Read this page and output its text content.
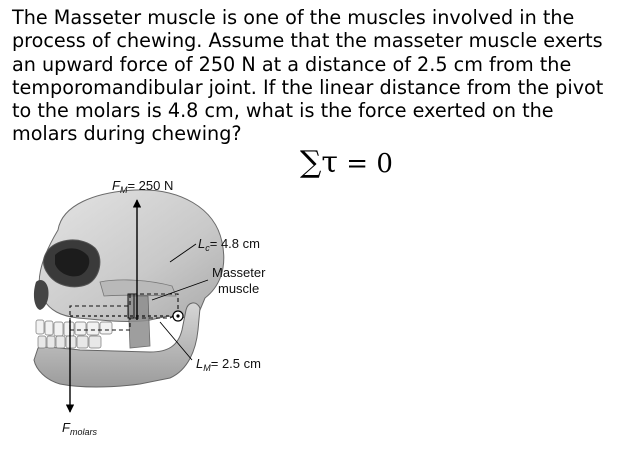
The Masseter muscle is one of the muscles involved in the
process of chewing. Assume that the masseter muscle exerts
an upward force of 250 N at a distance of 2.5 cm from the
temporomandibular joint. If the linear distance from the pivot
to the molars is 4.8 cm, what is the force exerted on the
molars during chewing?
∑τ = 0
$F_M= 250$ N
$L_c= 4.8$ cm
Masseter
muscle
$L_M= 2.5$ cm
$F_{molars}$
